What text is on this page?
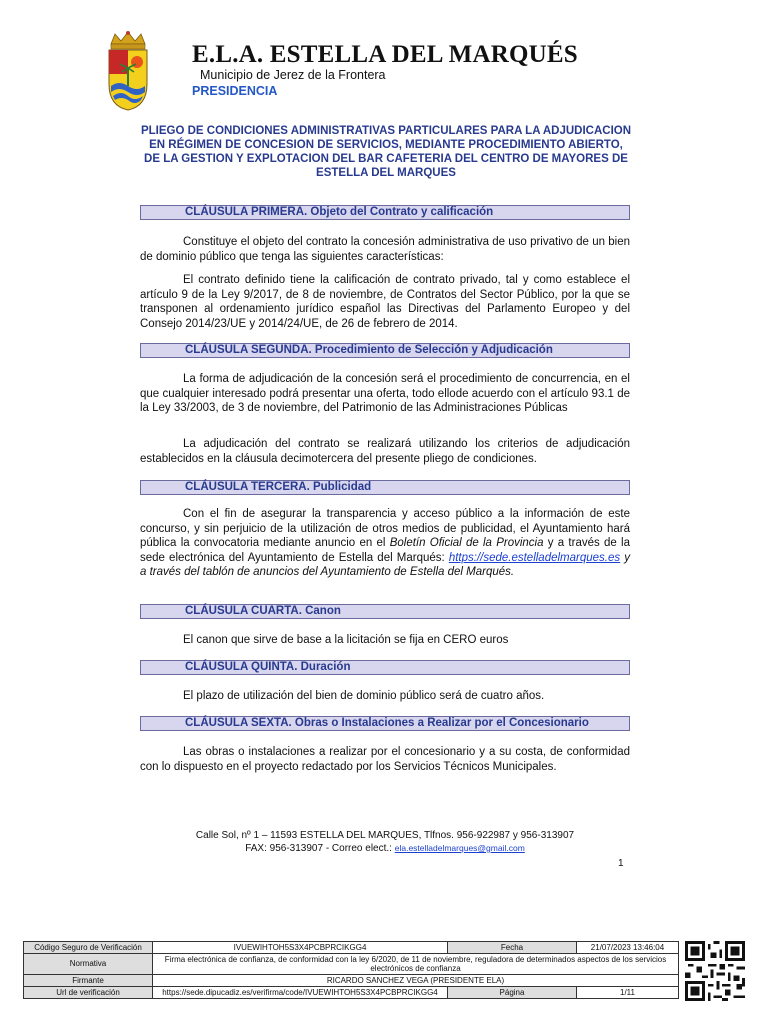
E.L.A. ESTELLA DEL MARQUÉS
Municipio de Jerez de la Frontera
PRESIDENCIA
PLIEGO DE CONDICIONES ADMINISTRATIVAS PARTICULARES PARA LA ADJUDICACION EN RÉGIMEN DE CONCESION DE SERVICIOS, MEDIANTE PROCEDIMIENTO ABIERTO, DE LA GESTION Y EXPLOTACION DEL BAR CAFETERIA DEL CENTRO DE MAYORES DE ESTELLA DEL MARQUES
CLÁUSULA PRIMERA. Objeto del Contrato y calificación
Constituye el objeto del contrato la concesión administrativa de uso privativo de un bien de dominio público que tenga las siguientes características:
El contrato definido tiene la calificación de contrato privado, tal y como establece el artículo 9 de la Ley 9/2017, de 8 de noviembre, de Contratos del Sector Público, por la que se transponen al ordenamiento jurídico español las Directivas del Parlamento Europeo y del Consejo 2014/23/UE y 2014/24/UE, de 26 de febrero de 2014.
CLÁUSULA SEGUNDA. Procedimiento de Selección y Adjudicación
La forma de adjudicación de la concesión será el procedimiento de concurrencia, en el que cualquier interesado podrá presentar una oferta, todo ellode acuerdo con el artículo 93.1 de la Ley 33/2003, de 3 de noviembre, del Patrimonio de las Administraciones Públicas
La adjudicación del contrato se realizará utilizando los criterios de adjudicación establecidos en la cláusula decimotercera del presente pliego de condiciones.
CLÁUSULA TERCERA. Publicidad
Con el fin de asegurar la transparencia y acceso público a la información de este concurso, y sin perjuicio de la utilización de otros medios de publicidad, el Ayuntamiento hará pública la convocatoria mediante anuncio en el Boletín Oficial de la Provincia y a través de la sede electrónica del Ayuntamiento de Estella del Marqués: https://sede.estelladelmarques.es y a través del tablón de anuncios del Ayuntamiento de Estella del Marqués.
CLÁUSULA CUARTA. Canon
El canon que sirve de base a la licitación se fija en CERO euros
CLÁUSULA QUINTA. Duración
El plazo de utilización del bien de dominio público será de cuatro años.
CLÁUSULA SEXTA. Obras o Instalaciones a Realizar por el Concesionario
Las obras o instalaciones a realizar por el concesionario y a su costa, de conformidad con lo dispuesto en el proyecto redactado por los Servicios Técnicos Municipales.
Calle Sol, nº 1 – 11593 ESTELLA DEL MARQUES, Tlfnos. 956-922987 y 956-313907
FAX: 956-313907 - Correo elect.: ela.estelladelmarques@gmail.com
1
Código Seguro de Verificación	IVUEWIHTOH5S3X4PCBPRCIKGG4	Fecha	21/07/2023 13:46:04
Normativa	Firma electrónica de confianza, de conformidad con la ley 6/2020, de 11 de noviembre, reguladora de determinados aspectos de los servicios electrónicos de confianza		
Firmante	RICARDO SANCHEZ VEGA (PRESIDENTE ELA)		
Url de verificación	https://sede.dipucadiz.es/verifirma/code/IVUEWIHTOH5S3X4PCBPRCIKGG4	Página	1/11
